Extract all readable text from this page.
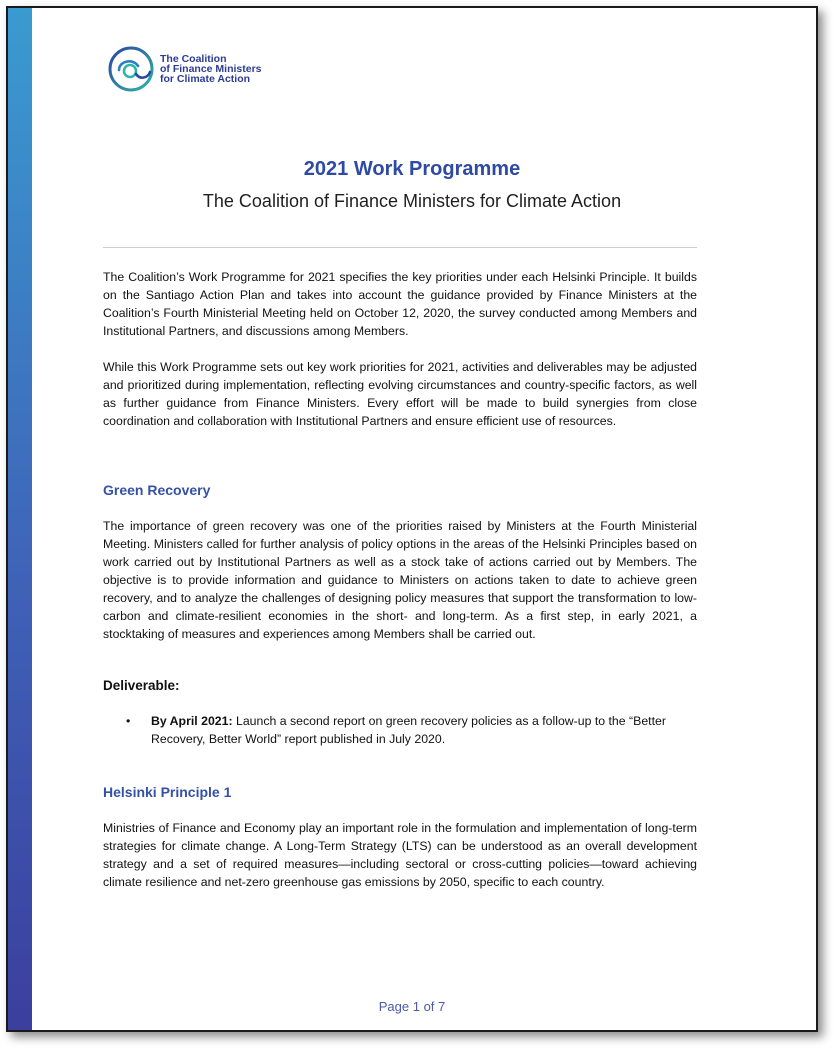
The Coalition
of Finance Ministers
for Climate Action
2021 Work Programme
The Coalition of Finance Ministers for Climate Action

The Coalition’s Work Programme for 2021 specifies the key priorities under each Helsinki Principle. It builds on the Santiago Action Plan and takes into account the guidance provided by Finance Ministers at the Coalition’s Fourth Ministerial Meeting held on October 12, 2020, the survey conducted among Members and Institutional Partners, and discussions among Members.

While this Work Programme sets out key work priorities for 2021, activities and deliverables may be adjusted and prioritized during implementation, reflecting evolving circumstances and country-specific factors, as well as further guidance from Finance Ministers. Every effort will be made to build synergies from close coordination and collaboration with Institutional Partners and ensure efficient use of resources.

Green Recovery

The importance of green recovery was one of the priorities raised by Ministers at the Fourth Ministerial Meeting. Ministers called for further analysis of policy options in the areas of the Helsinki Principles based on work carried out by Institutional Partners as well as a stock take of actions carried out by Members. The objective is to provide information and guidance to Ministers on actions taken to date to achieve green recovery, and to analyze the challenges of designing policy measures that support the transformation to low-carbon and climate-resilient economies in the short- and long-term. As a first step, in early 2021, a stocktaking of measures and experiences among Members shall be carried out.

Deliverable:
• By April 2021: Launch a second report on green recovery policies as a follow-up to the “Better Recovery, Better World” report published in July 2020.
Helsinki Principle 1

Ministries of Finance and Economy play an important role in the formulation and implementation of long-term strategies for climate change. A Long-Term Strategy (LTS) can be understood as an overall development strategy and a set of required measures—including sectoral or cross-cutting policies—toward achieving climate resilience and net-zero greenhouse gas emissions by 2050, specific to each country.

Page 1 of 7
